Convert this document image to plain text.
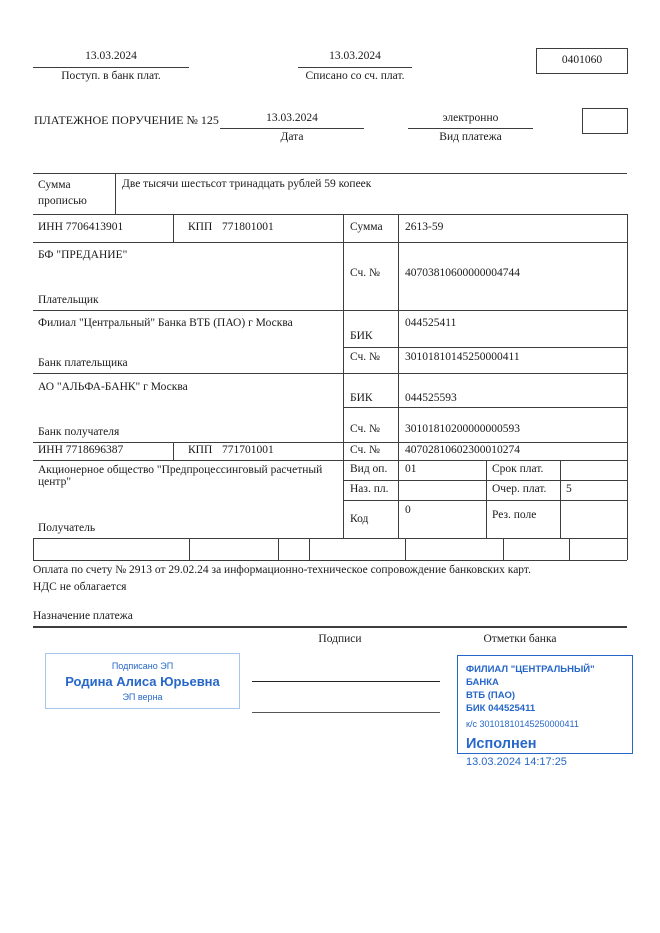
13.03.2024
Поступ. в банк плат.
13.03.2024
Списано со сч. плат.
0401060
ПЛАТЕЖНОЕ ПОРУЧЕНИЕ № 125	13.03.2024
Дата
электронно
Вид платежа
Сумма прописью
Две тысячи шестьсот тринадцать рублей 59 копеек
ИНН 7706413901	КПП 771801001	Сумма 2613-59
БФ "ПРЕДАНИЕ"
Плательщик
Сч. № 40703810600000004744
Филиал "Центральный" Банка ВТБ (ПАО) г Москва
Банк плательщика
БИК
044525411
Сч. № 30101810145250000411
АО "АЛЬФА-БАНК" г Москва
Банк получателя
БИК	044525593
Сч. № 30101810200000000593
ИНН 7718696387	КПП 771701001	Сч. № 40702810602300010274
Акционерное общество "Предпроцессинговый расчетный центр"
Получатель
Вид оп. 01	Срок плат.
Наз. пл.	Очер. плат. 5
Код
0	Рез. поле
Оплата по счету № 2913 от 29.02.24 за информационно-техническое сопровождение банковских карт.
НДС не облагается
Назначение платежа
Подписи	Отметки банка
Подписано ЭП
Родина Алиса Юрьевна
ЭП верна
ФИЛИАЛ "ЦЕНТРАЛЬНЫЙ" БАНКА
ВТБ (ПАО)
БИК 044525411
к/с 30101810145250000411
Исполнен
13.03.2024 14:17:25
